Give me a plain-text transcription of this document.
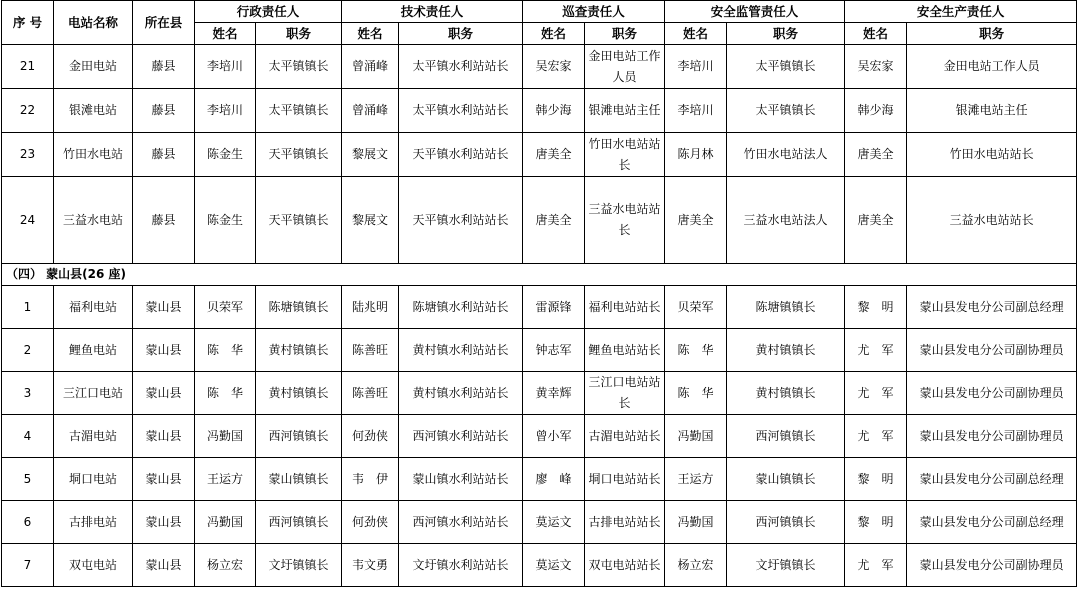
序 号	电站名称	所在县	行政责任人		技术责任人		巡查责任人		安全监管责任人		安全生产责任人	
			姓名	职务	姓名	职务	姓名	职务	姓名	职务	姓名	职务
21	金田电站	藤县	李培川	太平镇镇长	曾涌峰	太平镇水利站站长	吴宏家	金田电站工作人员	李培川	太平镇镇长	吴宏家	金田电站工作人员
22	银滩电站	藤县	李培川	太平镇镇长	曾涌峰	太平镇水利站站长	韩少海	银滩电站主任	李培川	太平镇镇长	韩少海	银滩电站主任
23	竹田水电站	藤县	陈金生	天平镇镇长	黎展文	天平镇水利站站长	唐美全	竹田水电站站长	陈月林	竹田水电站法人	唐美全	竹田水电站站长
24	三益水电站	藤县	陈金生	天平镇镇长	黎展文	天平镇水利站站长	唐美全	三益水电站站长	唐美全	三益水电站法人	唐美全	三益水电站站长
（四） 蒙山县(26 座)												
1	福利电站	蒙山县	贝荣军	陈塘镇镇长	陆兆明	陈塘镇水利站站长	雷源锋	福利电站站长	贝荣军	陈塘镇镇长	黎　明	蒙山县发电分公司副总经理
2	鲤鱼电站	蒙山县	陈　华	黄村镇镇长	陈善旺	黄村镇水利站站长	钟志军	鲤鱼电站站长	陈　华	黄村镇镇长	尤　军	蒙山县发电分公司副协理员
3	三江口电站	蒙山县	陈　华	黄村镇镇长	陈善旺	黄村镇水利站站长	黄幸辉	三江口电站站长	陈　华	黄村镇镇长	尤　军	蒙山县发电分公司副协理员
4	古湄电站	蒙山县	冯勤国	西河镇镇长	何劲侠	西河镇水利站站长	曾小军	古湄电站站长	冯勤国	西河镇镇长	尤　军	蒙山县发电分公司副协理员
5	垌口电站	蒙山县	王运方	蒙山镇镇长	韦　伊	蒙山镇水利站站长	廖　峰	垌口电站站长	王运方	蒙山镇镇长	黎　明	蒙山县发电分公司副总经理
6	古排电站	蒙山县	冯勤国	西河镇镇长	何劲侠	西河镇水利站站长	莫运文	古排电站站长	冯勤国	西河镇镇长	黎　明	蒙山县发电分公司副总经理
7	双屯电站	蒙山县	杨立宏	文圩镇镇长	韦文勇	文圩镇水利站站长	莫运文	双屯电站站长	杨立宏	文圩镇镇长	尤　军	蒙山县发电分公司副协理员
